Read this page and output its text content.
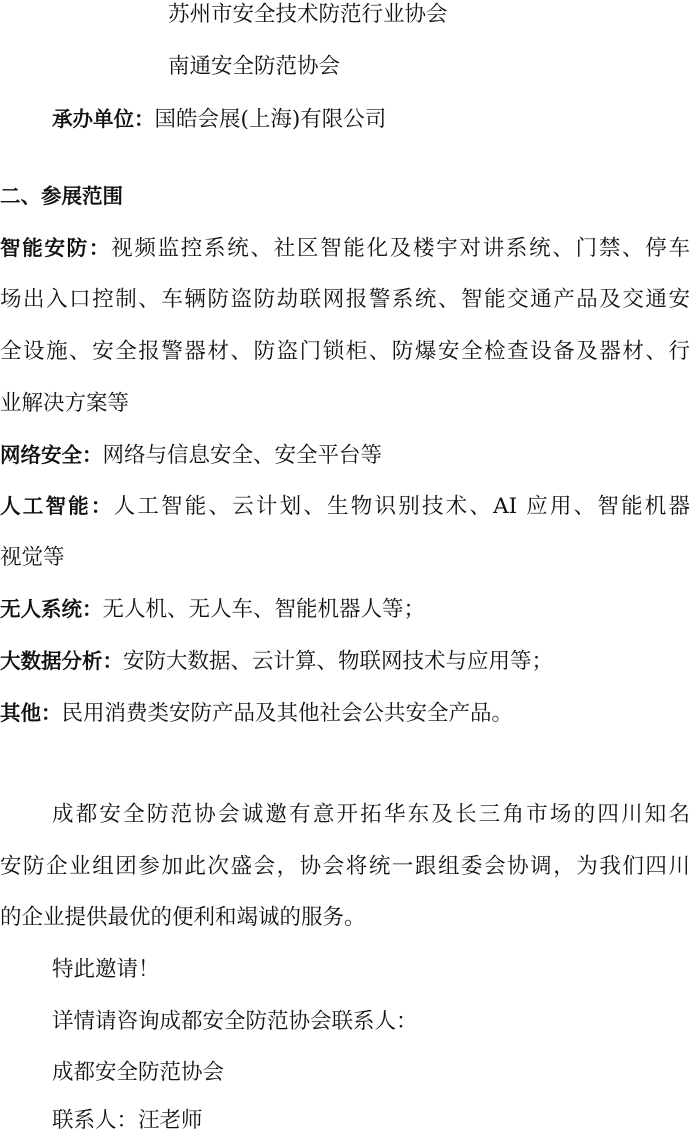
苏州市安全技术防范行业协会
南通安全防范协会
承办单位：国皓会展(上海)有限公司
二、参展范围
智能安防：视频监控系统、社区智能化及楼宇对讲系统、门禁、停车
场出入口控制、车辆防盗防劫联网报警系统、智能交通产品及交通安
全设施、安全报警器材、防盗门锁柜、防爆安全检查设备及器材、行
业解决方案等
网络安全：网络与信息安全、安全平台等
人工智能：人工智能、云计划、生物识别技术、AI 应用、智能机器
视觉等
无人系统：无人机、无人车、智能机器人等；
大数据分析：安防大数据、云计算、物联网技术与应用等；
其他：民用消费类安防产品及其他社会公共安全产品。
成都安全防范协会诚邀有意开拓华东及长三角市场的四川知名
安防企业组团参加此次盛会，协会将统一跟组委会协调，为我们四川
的企业提供最优的便利和竭诚的服务。
特此邀请！
详情请咨询成都安全防范协会联系人：
成都安全防范协会
联系人：汪老师
